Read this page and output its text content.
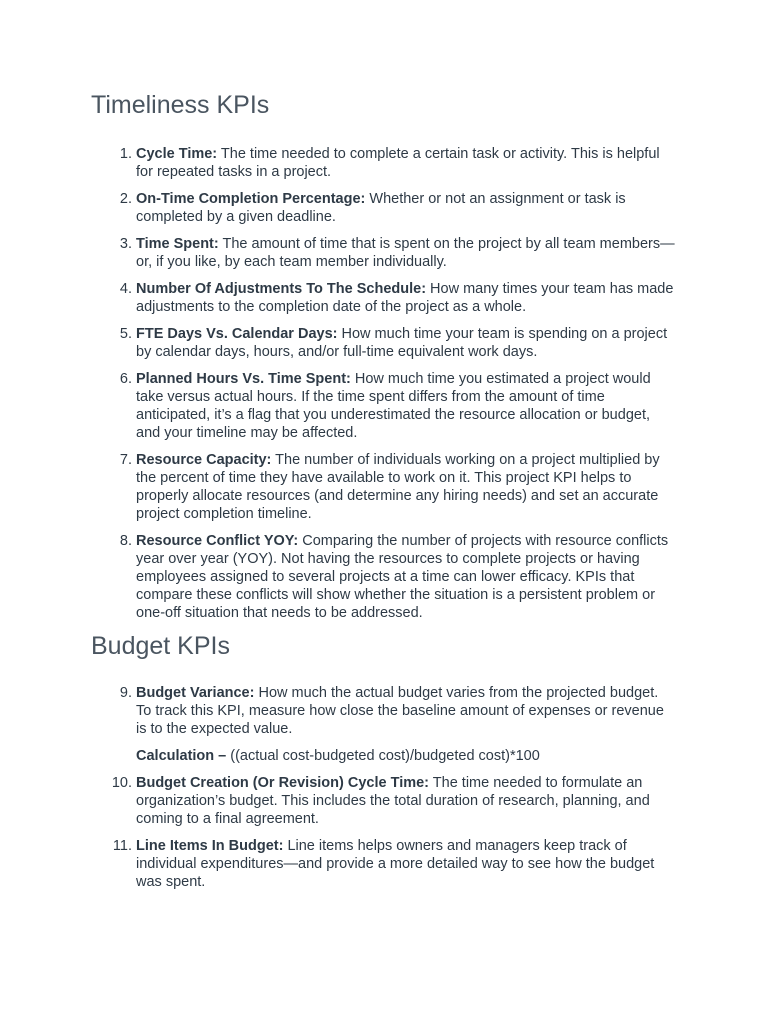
Timeliness KPIs
1. Cycle Time: The time needed to complete a certain task or activity. This is helpful for repeated tasks in a project.
2. On-Time Completion Percentage: Whether or not an assignment or task is completed by a given deadline.
3. Time Spent: The amount of time that is spent on the project by all team members—or, if you like, by each team member individually.
4. Number Of Adjustments To The Schedule: How many times your team has made adjustments to the completion date of the project as a whole.
5. FTE Days Vs. Calendar Days: How much time your team is spending on a project by calendar days, hours, and/or full-time equivalent work days.
6. Planned Hours Vs. Time Spent: How much time you estimated a project would take versus actual hours. If the time spent differs from the amount of time anticipated, it’s a flag that you underestimated the resource allocation or budget, and your timeline may be affected.
7. Resource Capacity: The number of individuals working on a project multiplied by the percent of time they have available to work on it. This project KPI helps to properly allocate resources (and determine any hiring needs) and set an accurate project completion timeline.
8. Resource Conflict YOY: Comparing the number of projects with resource conflicts year over year (YOY). Not having the resources to complete projects or having employees assigned to several projects at a time can lower efficacy. KPIs that compare these conflicts will show whether the situation is a persistent problem or one-off situation that needs to be addressed.
Budget KPIs
9. Budget Variance: How much the actual budget varies from the projected budget. To track this KPI, measure how close the baseline amount of expenses or revenue is to the expected value.
Calculation – ((actual cost-budgeted cost)/budgeted cost)*100
10. Budget Creation (Or Revision) Cycle Time: The time needed to formulate an organization’s budget. This includes the total duration of research, planning, and coming to a final agreement.
11. Line Items In Budget: Line items helps owners and managers keep track of individual expenditures—and provide a more detailed way to see how the budget was spent.
